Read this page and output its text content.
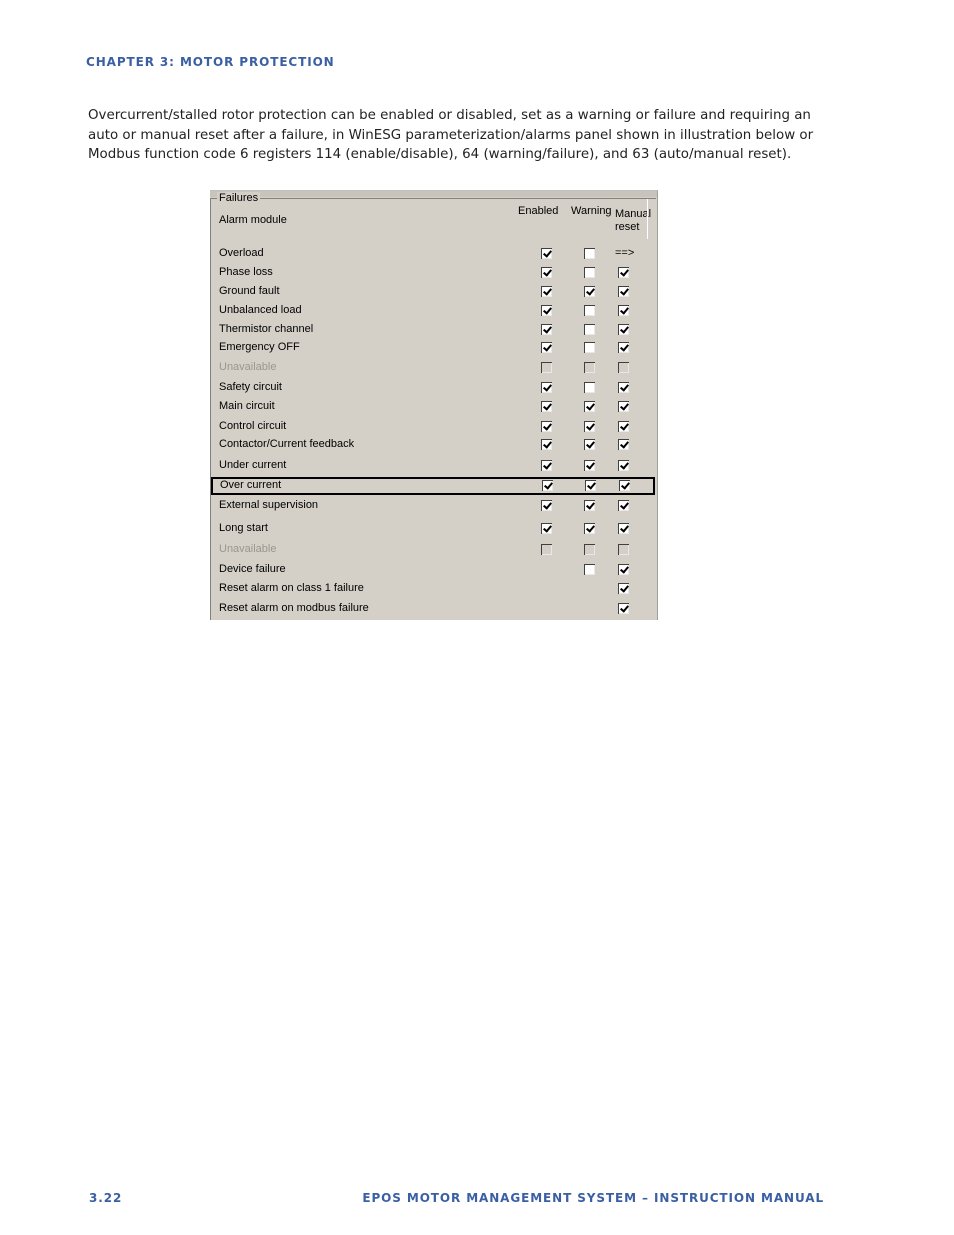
CHAPTER 3: MOTOR PROTECTION

Overcurrent/stalled rotor protection can be enabled or disabled, set as a warning or failure and requiring an auto or manual reset after a failure, in WinESG parameterization/alarms panel shown in illustration below or Modbus function code 6 registers 114 (enable/disable), 64 (warning/failure), and 63 (auto/manual reset).

Failures
Alarm module
Enabled Warning Manual reset
Overload	==>
Phase loss
Ground fault
Unbalanced load
Thermistor channel
Emergency OFF
Unavailable
Safety circuit
Main circuit
Control circuit
Contactor/Current feedback
Under current
Over current
External supervision
Long start
Unavailable
Device failure
Reset alarm on class 1 failure
Reset alarm on modbus failure
3.22	EPOS MOTOR MANAGEMENT SYSTEM – INSTRUCTION MANUAL
